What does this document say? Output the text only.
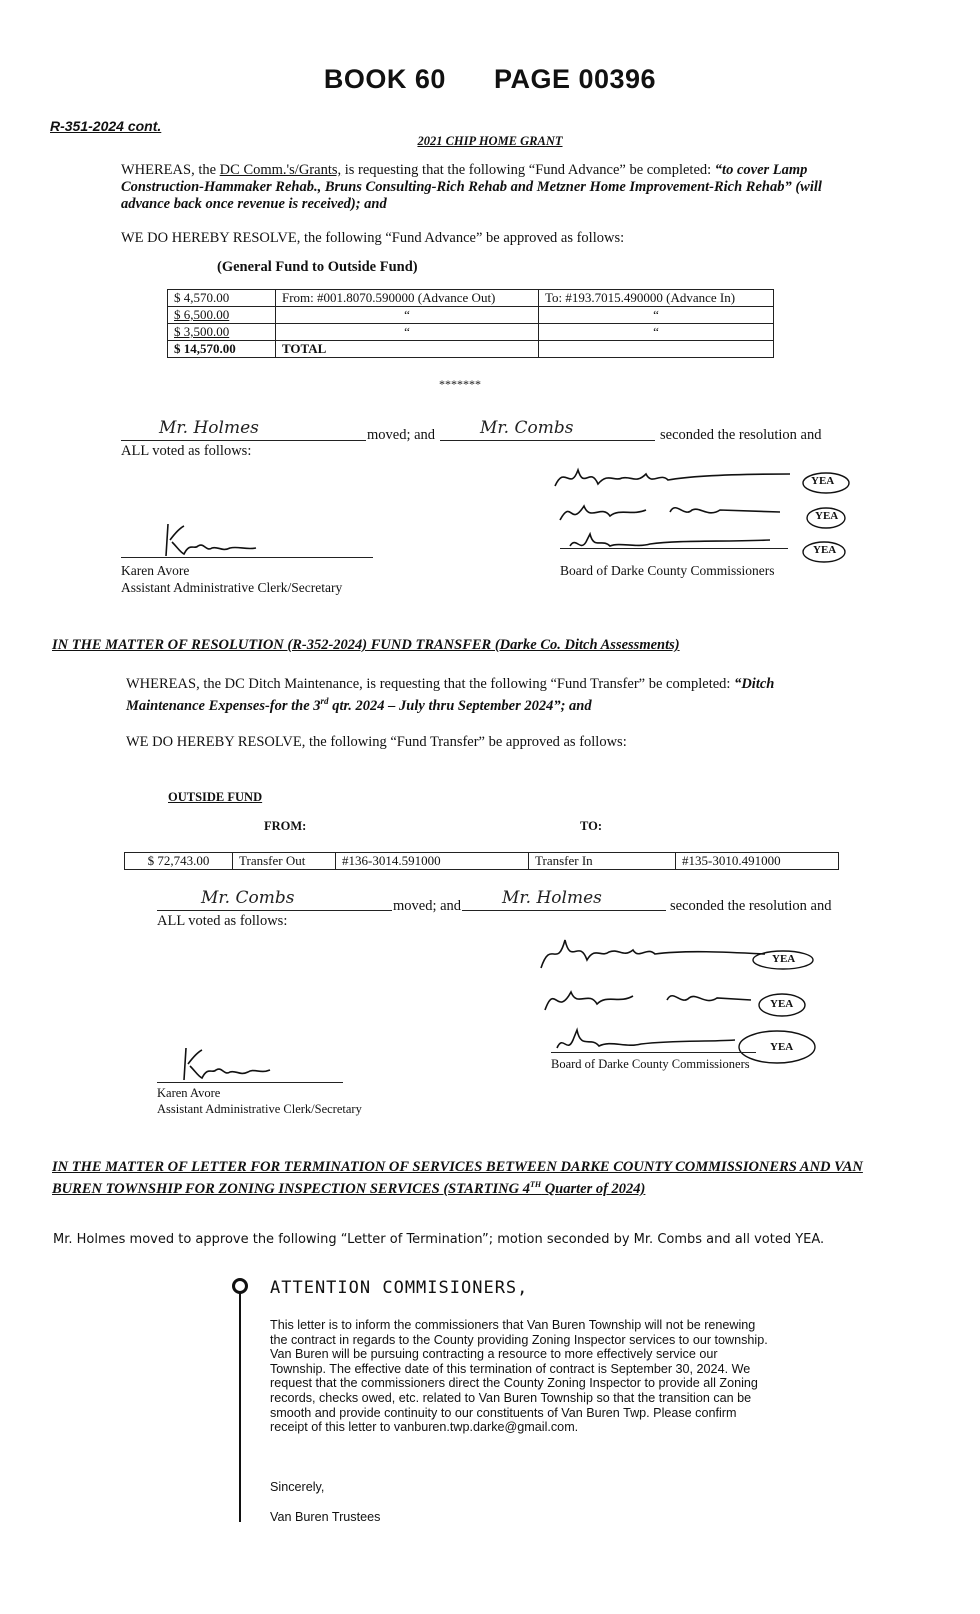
BOOK 60 PAGE 00396
R-351-2024 cont.
2021 CHIP HOME GRANT
WHEREAS, the DC Comm.'s/Grants, is requesting that the following “Fund Advance” be completed: “to cover Lamp Construction-Hammaker Rehab., Bruns Consulting-Rich Rehab and Metzner Home Improvement-Rich Rehab” (will advance back once revenue is received); and
WE DO HEREBY RESOLVE, the following “Fund Advance” be approved as follows:
(General Fund to Outside Fund)
$ 4,570.00	From: #001.8070.590000 (Advance Out)	To: #193.7015.490000 (Advance In)
$ 6,500.00	“	“
$ 3,500.00	“	“
$ 14,570.00	TOTAL	
*******
Mr. Holmes	moved; and	Mr. Combs	seconded the resolution and
ALL voted as follows:
YEA
YEA
YEA
Board of Darke County Commissioners
Karen Avore
Assistant Administrative Clerk/Secretary
IN THE MATTER OF RESOLUTION (R-352-2024) FUND TRANSFER (Darke Co. Ditch Assessments)
WHEREAS, the DC Ditch Maintenance, is requesting that the following “Fund Transfer” be completed: “Ditch Maintenance Expenses-for the 3rd qtr. 2024 – July thru September 2024”; and
WE DO HEREBY RESOLVE, the following “Fund Transfer” be approved as follows:
OUTSIDE FUND
FROM:	TO:
$ 72,743.00	Transfer Out	#136-3014.591000	Transfer In	#135-3010.491000
Mr. Combs	moved; and Mr. Holmes	seconded the resolution and
ALL voted as follows:
YEA
YEA
YEA
Board of Darke County Commissioners
Karen Avore
Assistant Administrative Clerk/Secretary
IN THE MATTER OF LETTER FOR TERMINATION OF SERVICES BETWEEN DARKE COUNTY COMMISSIONERS AND VAN BUREN TOWNSHIP FOR ZONING INSPECTION SERVICES (STARTING 4TH Quarter of 2024)
Mr. Holmes moved to approve the following “Letter of Termination”; motion seconded by Mr. Combs and all voted YEA.
ATTENTION COMMISIONERS,
This letter is to inform the commissioners that Van Buren Township will not be renewing the contract in regards to the County providing Zoning Inspector services to our township. Van Buren will be pursuing contracting a resource to more effectively service our Township. The effective date of this termination of contract is September 30, 2024. We request that the commissioners direct the County Zoning Inspector to provide all Zoning records, checks owed, etc. related to Van Buren Township so that the transition can be smooth and provide continuity to our constituents of Van Buren Twp. Please confirm receipt of this letter to vanburen.twp.darke@gmail.com.
Sincerely,
Van Buren Trustees
